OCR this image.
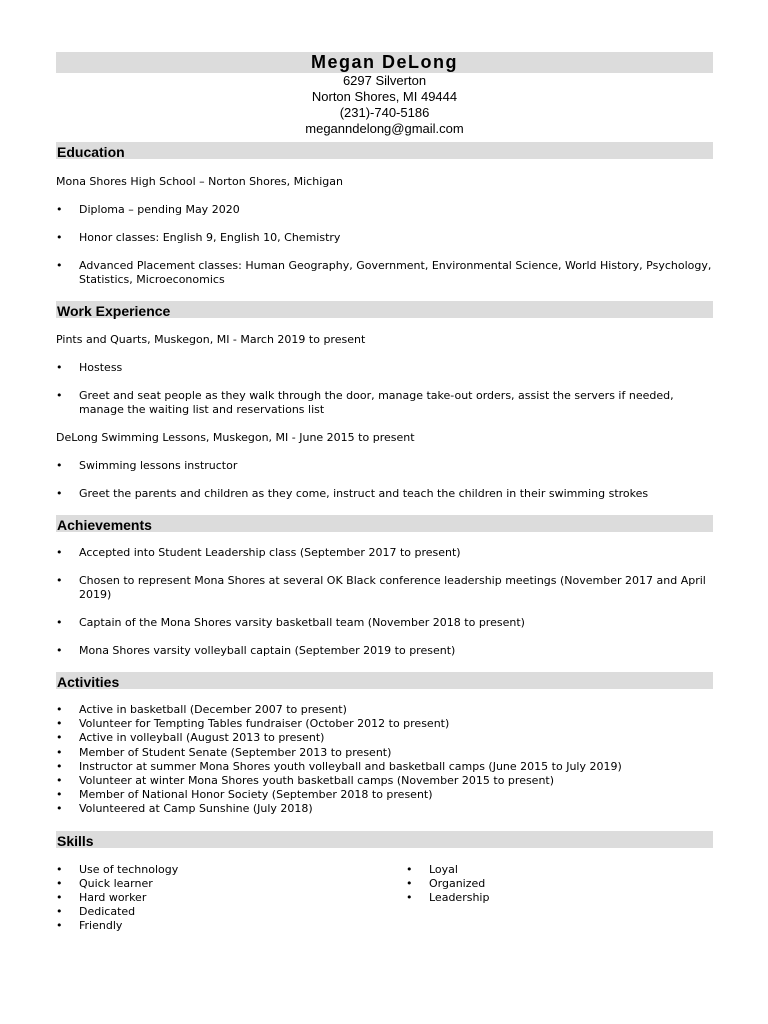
Megan DeLong
6297 Silverton
Norton Shores, MI 49444
(231)-740-5186
meganndelong@gmail.com
Education
Mona Shores High School – Norton Shores, Michigan
• Diploma – pending May 2020
• Honor classes: English 9, English 10, Chemistry
• Advanced Placement classes: Human Geography, Government, Environmental Science, World History, Psychology, Statistics, Microeconomics
Work Experience
Pints and Quarts, Muskegon, MI - March 2019 to present
• Hostess
• Greet and seat people as they walk through the door, manage take-out orders, assist the servers if needed, manage the waiting list and reservations list
DeLong Swimming Lessons, Muskegon, MI - June 2015 to present
• Swimming lessons instructor
• Greet the parents and children as they come, instruct and teach the children in their swimming strokes
Achievements
• Accepted into Student Leadership class (September 2017 to present)
• Chosen to represent Mona Shores at several OK Black conference leadership meetings (November 2017 and April 2019)
• Captain of the Mona Shores varsity basketball team (November 2018 to present)
• Mona Shores varsity volleyball captain (September 2019 to present)
Activities
• Active in basketball (December 2007 to present)
• Volunteer for Tempting Tables fundraiser (October 2012 to present)
• Active in volleyball (August 2013 to present)
• Member of Student Senate (September 2013 to present)
• Instructor at summer Mona Shores youth volleyball and basketball camps (June 2015 to July 2019)
• Volunteer at winter Mona Shores youth basketball camps (November 2015 to present)
• Member of National Honor Society (September 2018 to present)
• Volunteered at Camp Sunshine (July 2018)
Skills
• Use of technology
• Quick learner
• Hard worker
• Dedicated
• Friendly
• Loyal
• Organized
• Leadership
